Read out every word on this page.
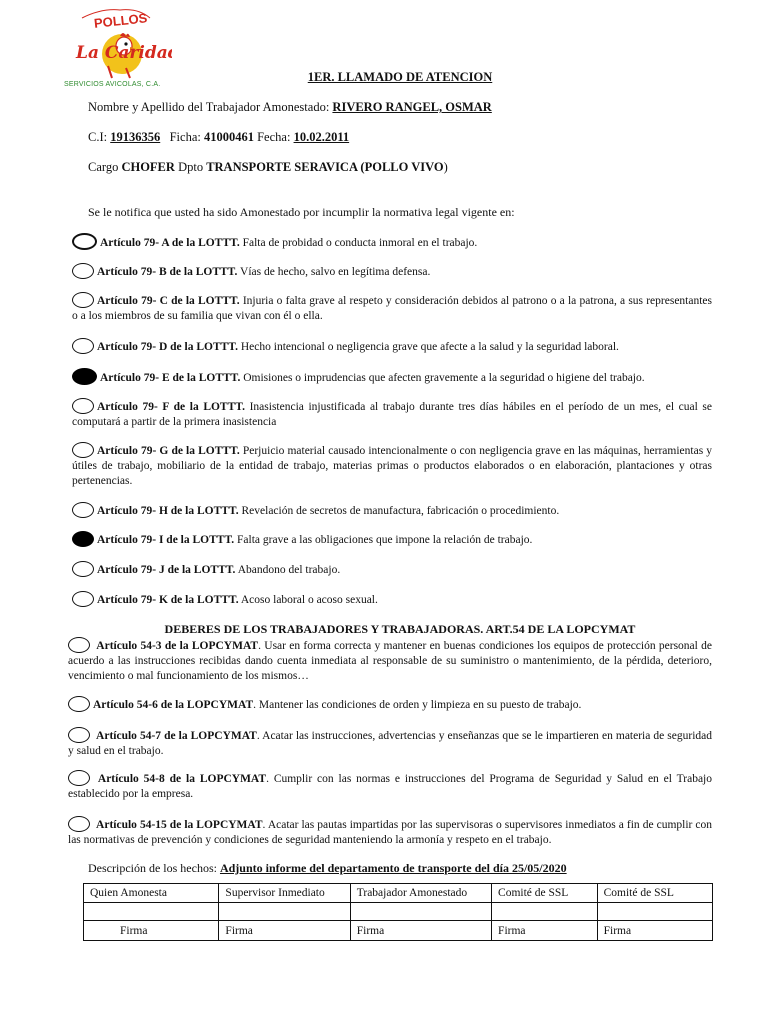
POLLOS
La Caridad
SERVICIOS AVICOLAS, C.A.
1ER. LLAMADO DE ATENCION
Nombre y Apellido del Trabajador Amonestado: RIVERO RANGEL, OSMAR
C.I: 19136356 Ficha: 41000461 Fecha: 10.02.2011
Cargo CHOFER Dpto TRANSPORTE SERAVICA (POLLO VIVO)
Se le notifica que usted ha sido Amonestado por incumplir la normativa legal vigente en:
Artículo 79- A de la LOTTT. Falta de probidad o conducta inmoral en el trabajo.
Artículo 79- B de la LOTTT. Vías de hecho, salvo en legítima defensa.
Artículo 79- C de la LOTTT. Injuria o falta grave al respeto y consideración debidos al patrono o a la patrona, a sus representantes o a los miembros de su familia que vivan con él o ella.
Artículo 79- D de la LOTTT. Hecho intencional o negligencia grave que afecte a la salud y la seguridad laboral.
Artículo 79- E de la LOTTT. Omisiones o imprudencias que afecten gravemente a la seguridad o higiene del trabajo.
Artículo 79- F de la LOTTT. Inasistencia injustificada al trabajo durante tres días hábiles en el período de un mes, el cual se computará a partir de la primera inasistencia
Artículo 79- G de la LOTTT. Perjuicio material causado intencionalmente o con negligencia grave en las máquinas, herramientas y útiles de trabajo, mobiliario de la entidad de trabajo, materias primas o productos elaborados o en elaboración, plantaciones y otras pertenencias.
Artículo 79- H de la LOTTT. Revelación de secretos de manufactura, fabricación o procedimiento.
Artículo 79- I de la LOTTT. Falta grave a las obligaciones que impone la relación de trabajo.
Artículo 79- J de la LOTTT. Abandono del trabajo.
Artículo 79- K de la LOTTT. Acoso laboral o acoso sexual.
DEBERES DE LOS TRABAJADORES Y TRABAJADORAS. ART.54 DE LA LOPCYMAT
Artículo 54-3 de la LOPCYMAT. Usar en forma correcta y mantener en buenas condiciones los equipos de protección personal de acuerdo a las instrucciones recibidas dando cuenta inmediata al responsable de su suministro o mantenimiento, de la pérdida, deterioro, vencimiento o mal funcionamiento de los mismos…
Artículo 54-6 de la LOPCYMAT. Mantener las condiciones de orden y limpieza en su puesto de trabajo.
Artículo 54-7 de la LOPCYMAT. Acatar las instrucciones, advertencias y enseñanzas que se le impartieren en materia de seguridad y salud en el trabajo.
Artículo 54-8 de la LOPCYMAT. Cumplir con las normas e instrucciones del Programa de Seguridad y Salud en el Trabajo establecido por la empresa.
Artículo 54-15 de la LOPCYMAT. Acatar las pautas impartidas por las supervisoras o supervisores inmediatos a fin de cumplir con las normativas de prevención y condiciones de seguridad manteniendo la armonía y respeto en el trabajo.
Descripción de los hechos: Adjunto informe del departamento de transporte del día 25/05/2020
Quien Amonesta	Supervisor Inmediato	Trabajador Amonestado	Comité de SSL	Comité de SSL

Firma	Firma	Firma	Firma	Firma
